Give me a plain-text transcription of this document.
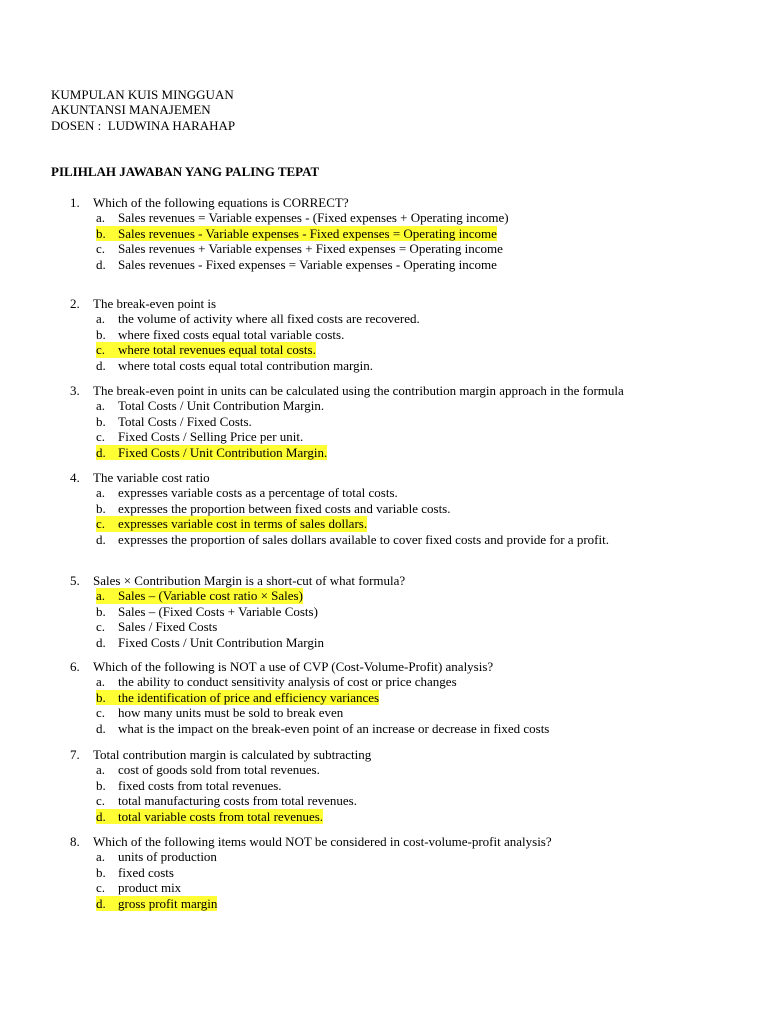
KUMPULAN KUIS MINGGUAN
AKUNTANSI MANAJEMEN
DOSEN :  LUDWINA HARAHAP
PILIHLAH JAWABAN YANG PALING TEPAT
1.	Which of the following equations is CORRECT?
a. Sales revenues = Variable expenses - (Fixed expenses + Operating income)
b. Sales revenues - Variable expenses - Fixed expenses = Operating income
c. Sales revenues + Variable expenses + Fixed expenses = Operating income
d. Sales revenues - Fixed expenses = Variable expenses - Operating income
2.	The break-even point is
a. the volume of activity where all fixed costs are recovered.
b. where fixed costs equal total variable costs.
c. where total revenues equal total costs.
d. where total costs equal total contribution margin.
3.	The break-even point in units can be calculated using the contribution margin approach in the formula
a. Total Costs / Unit Contribution Margin.
b. Total Costs / Fixed Costs.
c. Fixed Costs / Selling Price per unit.
d. Fixed Costs / Unit Contribution Margin.
4.	The variable cost ratio
a. expresses variable costs as a percentage of total costs.
b. expresses the proportion between fixed costs and variable costs.
c. expresses variable cost in terms of sales dollars.
d. expresses the proportion of sales dollars available to cover fixed costs and provide for a profit.
5.	Sales × Contribution Margin is a short-cut of what formula?
a. Sales – (Variable cost ratio × Sales)
b. Sales – (Fixed Costs + Variable Costs)
c. Sales / Fixed Costs
d. Fixed Costs / Unit Contribution Margin
6.	Which of the following is NOT a use of CVP (Cost-Volume-Profit) analysis?
a. the ability to conduct sensitivity analysis of cost or price changes
b. the identification of price and efficiency variances
c. how many units must be sold to break even
d. what is the impact on the break-even point of an increase or decrease in fixed costs
7.	Total contribution margin is calculated by subtracting
a. cost of goods sold from total revenues.
b. fixed costs from total revenues.
c. total manufacturing costs from total revenues.
d. total variable costs from total revenues.
8.	Which of the following items would NOT be considered in cost-volume-profit analysis?
a. units of production
b. fixed costs
c. product mix
d. gross profit margin
